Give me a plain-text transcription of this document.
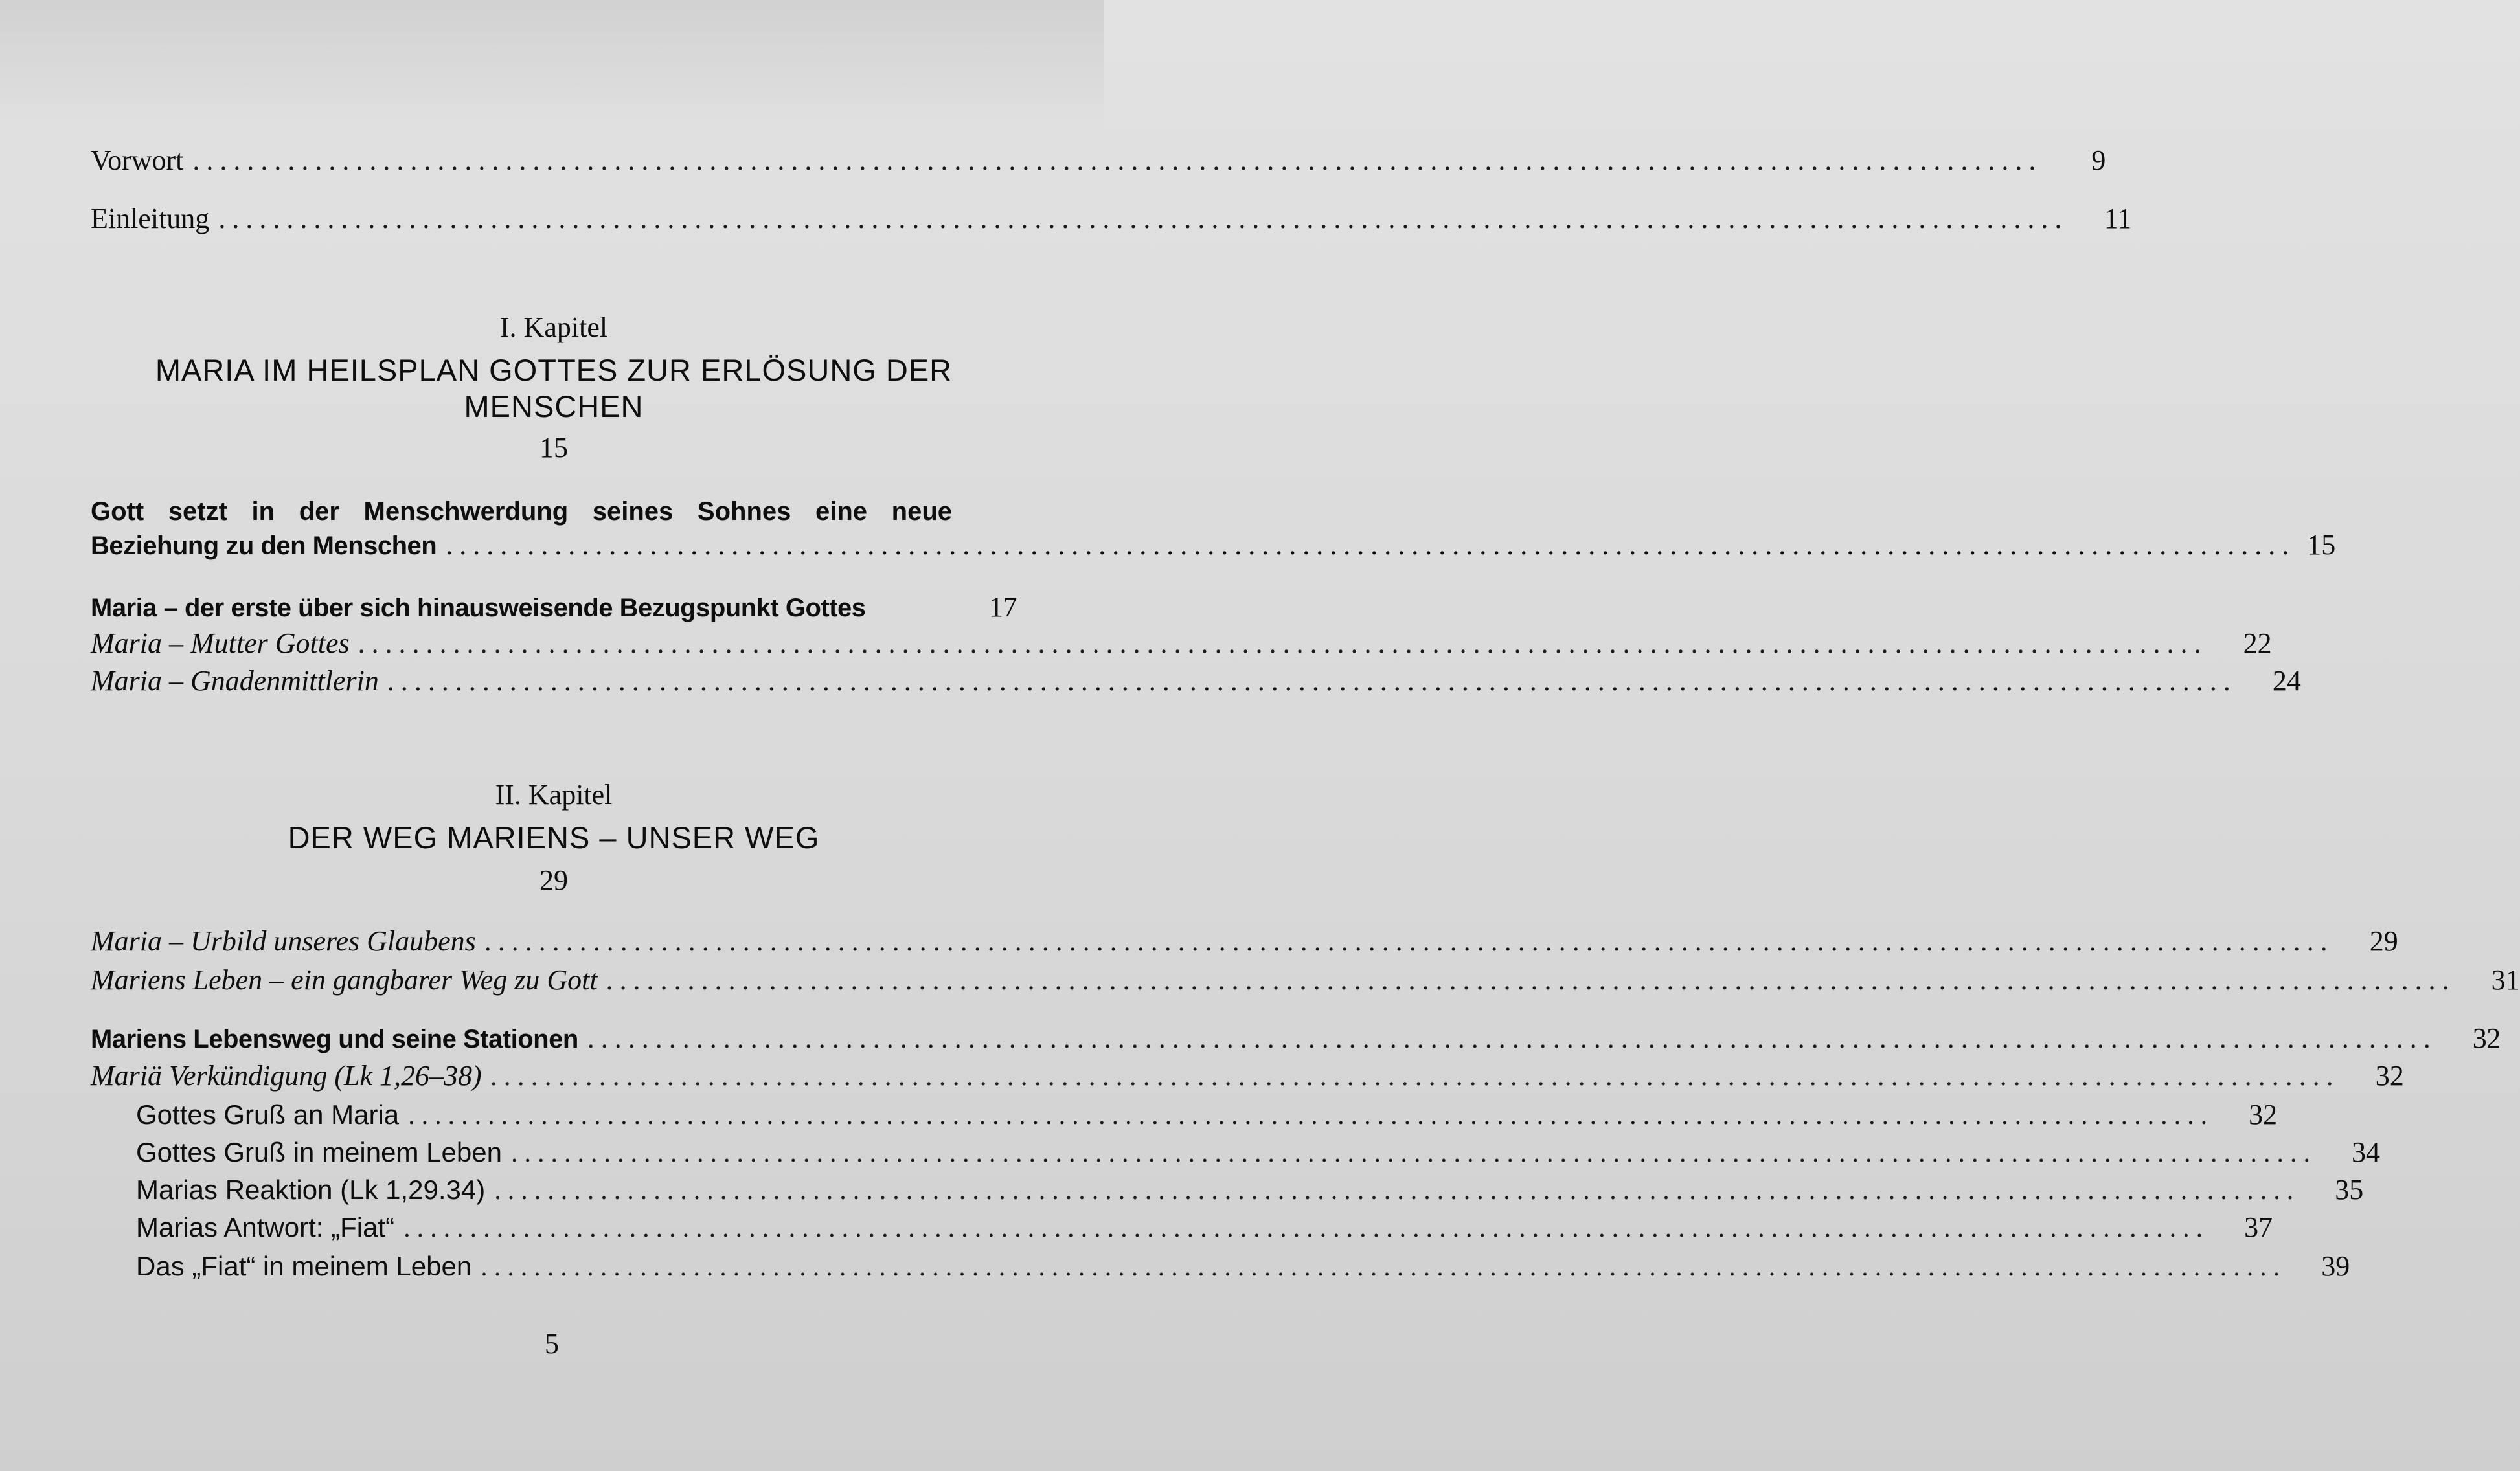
Vorwort ........................................................................................................................................	9
Einleitung ........................................................................................................................................	11
I. Kapitel
MARIA IM HEILSPLAN GOTTES ZUR ERLÖSUNG DER
MENSCHEN
15
Gott setzt in der Menschwerdung seines Sohnes eine neue
Beziehung zu den Menschen ........................................................................................................................................ 15
Maria – der erste über sich hinausweisende Bezugspunkt Gottes	17
Maria – Mutter Gottes ........................................................................................................................................	22
Maria – Gnadenmittlerin ........................................................................................................................................	24
II. Kapitel
DER WEG MARIENS – UNSER WEG
29
Maria – Urbild unseres Glaubens ........................................................................................................................................	29
Mariens Leben – ein gangbarer Weg zu Gott ........................................................................................................................................	31
Mariens Lebensweg und seine Stationen ........................................................................................................................................	32
Mariä Verkündigung (Lk 1,26–38) ........................................................................................................................................	32
Gottes Gruß an Maria ........................................................................................................................................	32
Gottes Gruß in meinem Leben ........................................................................................................................................	34
Marias Reaktion (Lk 1,29.34) ........................................................................................................................................	35
Marias Antwort: „Fiat“ ........................................................................................................................................	37
Das „Fiat“ in meinem Leben ........................................................................................................................................	39
5
